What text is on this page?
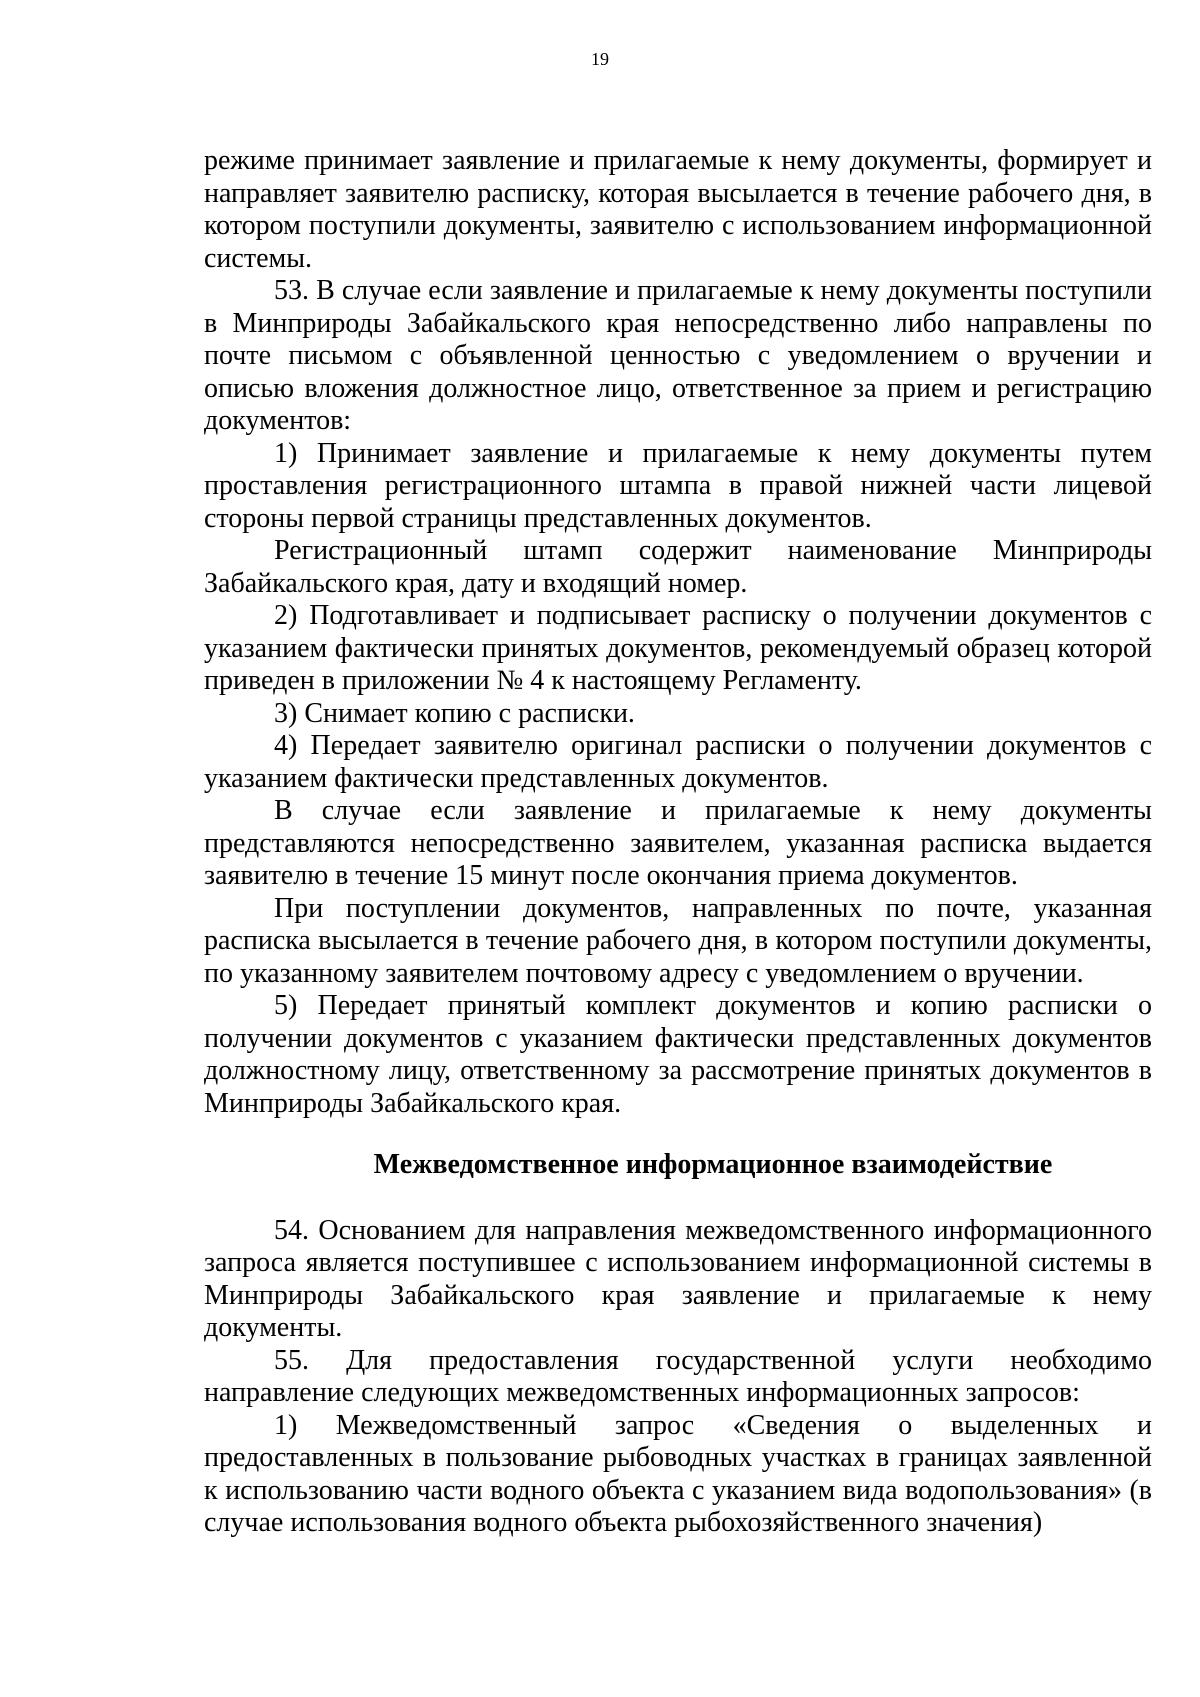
19

режиме принимает заявление и прилагаемые к нему документы, формирует и направляет заявителю расписку, которая высылается в течение рабочего дня, в котором поступили документы, заявителю с использованием информационной системы.

53. В случае если заявление и прилагаемые к нему документы поступили в Минприроды Забайкальского края непосредственно либо направлены по почте письмом с объявленной ценностью с уведомлением о вручении и описью вложения должностное лицо, ответственное за прием и регистрацию документов:

1) Принимает заявление и прилагаемые к нему документы путем проставления регистрационного штампа в правой нижней части лицевой стороны первой страницы представленных документов.

Регистрационный штамп содержит наименование Минприроды Забайкальского края, дату и входящий номер.

2) Подготавливает и подписывает расписку о получении документов с указанием фактически принятых документов, рекомендуемый образец которой приведен в приложении № 4 к настоящему Регламенту.

3) Снимает копию с расписки.

4) Передает заявителю оригинал расписки о получении документов с указанием фактически представленных документов.

В случае если заявление и прилагаемые к нему документы представляются непосредственно заявителем, указанная расписка выдается заявителю в течение 15 минут после окончания приема документов.

При поступлении документов, направленных по почте, указанная расписка высылается в течение рабочего дня, в котором поступили документы, по указанному заявителем почтовому адресу с уведомлением о вручении.

5) Передает принятый комплект документов и копию расписки о получении документов с указанием фактически представленных документов должностному лицу, ответственному за рассмотрение принятых документов в Минприроды Забайкальского края.

Межведомственное информационное взаимодействие

54. Основанием для направления межведомственного информационного запроса является поступившее с использованием информационной системы в Минприроды Забайкальского края заявление и прилагаемые к нему документы.

55. Для предоставления государственной услуги необходимо направление следующих межведомственных информационных запросов:

1) Межведомственный запрос «Сведения о выделенных и предоставленных в пользование рыбоводных участках в границах заявленной к использованию части водного объекта с указанием вида водопользования» (в случае использования водного объекта рыбохозяйственного значения)
